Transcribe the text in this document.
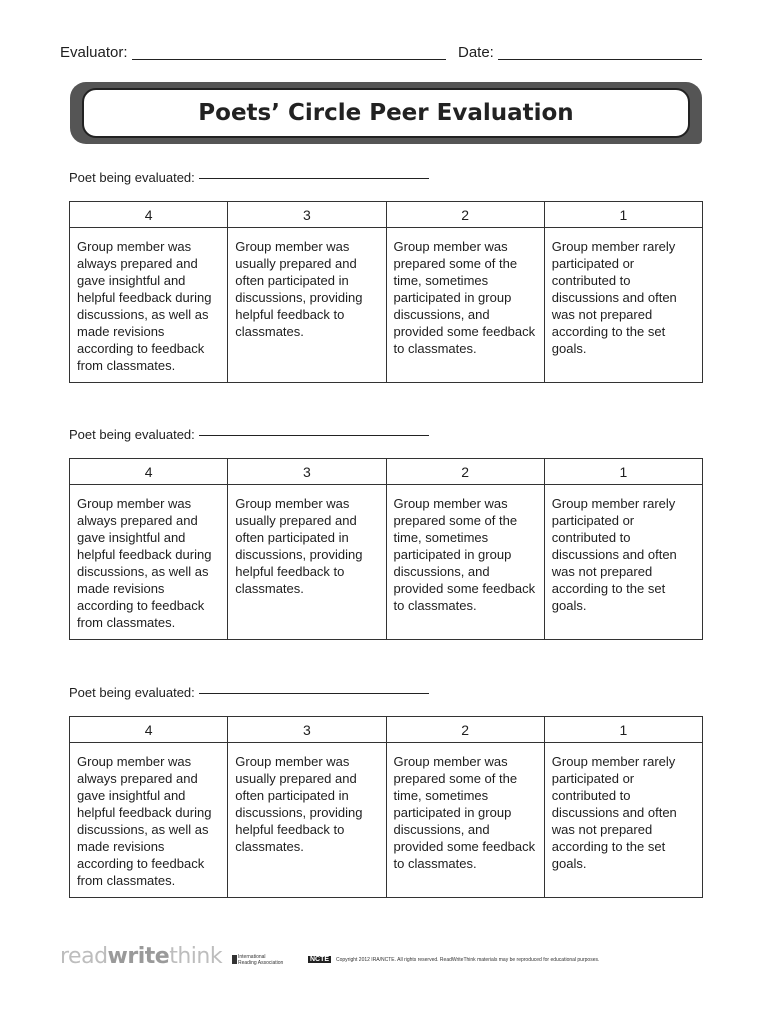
Evaluator:	Date:
Poets’ Circle Peer Evaluation
Poet being evaluated:
4	3	2	1
Group member was always prepared and gave insightful and helpful feedback during discussions, as well as made revisions according to feedback from classmates.	Group member was usually prepared and often participated in discussions, providing helpful feedback to classmates.	Group member was prepared some of the time, sometimes participated in group discussions, and provided some feedback to classmates.	Group member rarely participated or contributed to discussions and often was not prepared according to the set goals.
Poet being evaluated:
4	3	2	1
Group member was always prepared and gave insightful and helpful feedback during discussions, as well as made revisions according to feedback from classmates.	Group member was usually prepared and often participated in discussions, providing helpful feedback to classmates.	Group member was prepared some of the time, sometimes participated in group discussions, and provided some feedback to classmates.	Group member rarely participated or contributed to discussions and often was not prepared according to the set goals.
Poet being evaluated:
4	3	2	1
Group member was always prepared and gave insightful and helpful feedback during discussions, as well as made revisions according to feedback from classmates.	Group member was usually prepared and often participated in discussions, providing helpful feedback to classmates.	Group member was prepared some of the time, sometimes participated in group discussions, and provided some feedback to classmates.	Group member rarely participated or contributed to discussions and often was not prepared according to the set goals.
readwritethink	International
Reading Association	NCTE	Copyright 2012 IRA/NCTE. All rights reserved. ReadWriteThink materials may be reproduced for educational purposes.
